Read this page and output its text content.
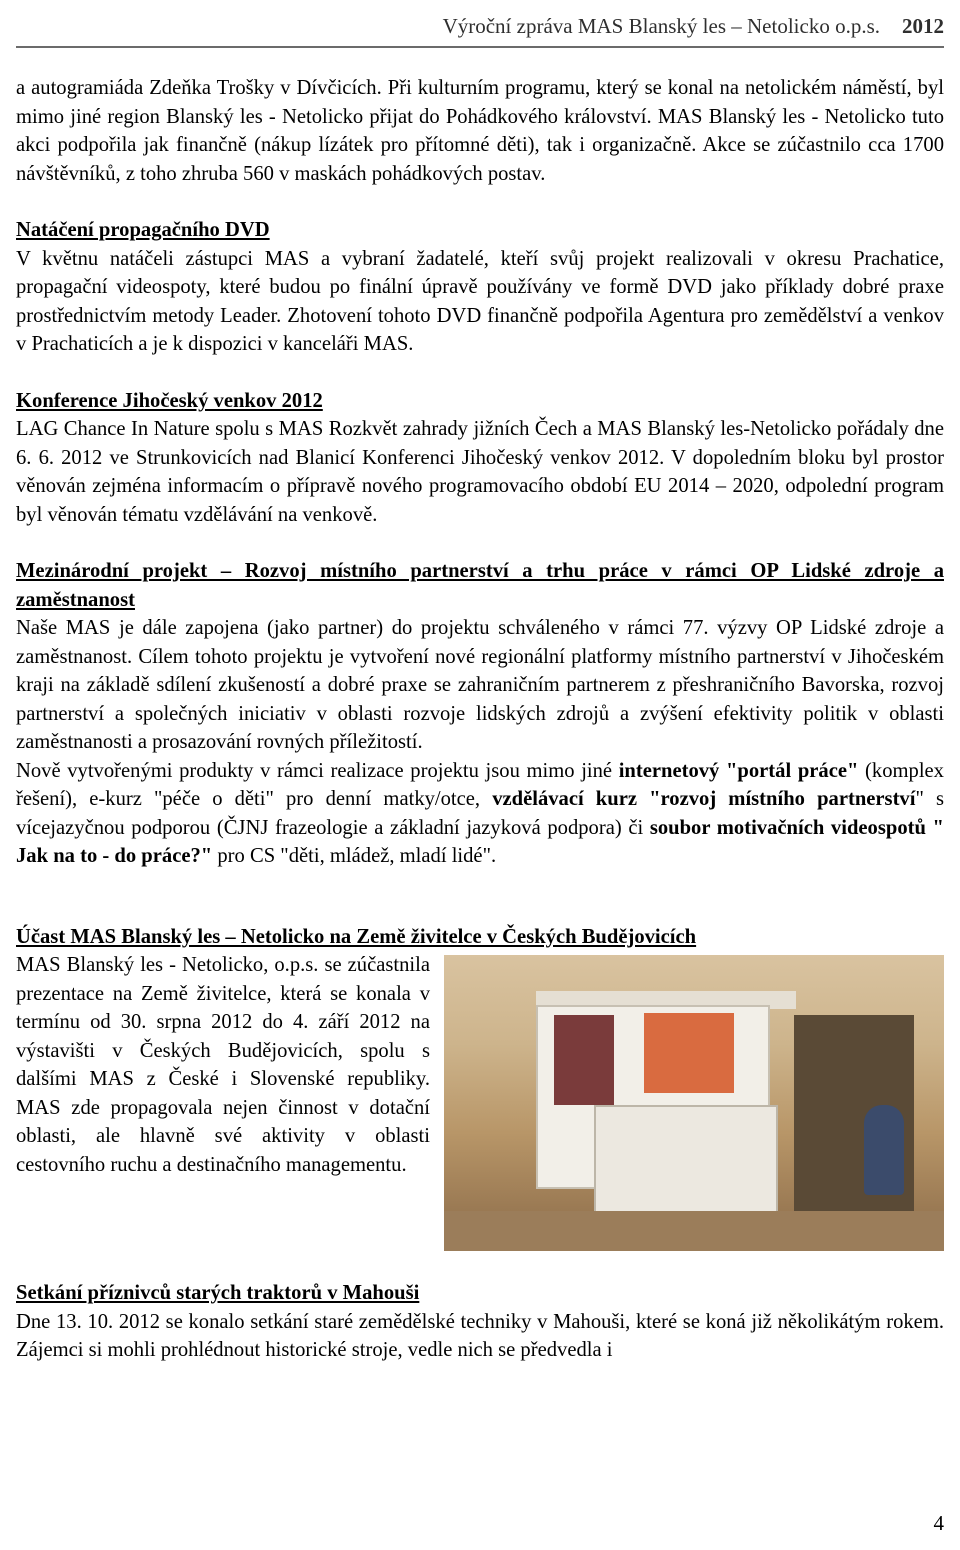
Výroční zpráva MAS Blanský les – Netolicko o.p.s. 2012

a autogramiáda Zdeňka Trošky v Dívčicích. Při kulturním programu, který se konal na netolickém náměstí, byl mimo jiné region Blanský les - Netolicko přijat do Pohádkového království. MAS Blanský les - Netolicko tuto akci podpořila jak finančně (nákup lízátek pro přítomné děti), tak i organizačně. Akce se zúčastnilo cca 1700 návštěvníků, z toho zhruba 560 v maskách pohádkových postav.

Natáčení propagačního DVD

V květnu natáčeli zástupci MAS a vybraní žadatelé, kteří svůj projekt realizovali v okresu Prachatice, propagační videospoty, které budou po finální úpravě používány ve formě DVD jako příklady dobré praxe prostřednictvím metody Leader. Zhotovení tohoto DVD finančně podpořila Agentura pro zemědělství a venkov v Prachaticích a je k dispozici v kanceláři MAS.

Konference Jihočeský venkov 2012

LAG Chance In Nature spolu s MAS Rozkvět zahrady jižních Čech a MAS Blanský les-Netolicko pořádaly dne 6. 6. 2012 ve Strunkovicích nad Blanicí Konferenci Jihočeský venkov 2012. V dopoledním bloku byl prostor věnován zejména informacím o přípravě nového programovacího období EU 2014 – 2020, odpolední program byl věnován tématu vzdělávání na venkově.

Mezinárodní projekt – Rozvoj místního partnerství a trhu práce v rámci OP Lidské zdroje a zaměstnanost

Naše MAS je dále zapojena (jako partner) do projektu schváleného v rámci 77. výzvy OP Lidské zdroje a zaměstnanost. Cílem tohoto projektu je vytvoření nové regionální platformy místního partnerství v Jihočeském kraji na základě sdílení zkušeností a dobré praxe se zahraničním partnerem z přeshraničního Bavorska, rozvoj partnerství a společných iniciativ v oblasti rozvoje lidských zdrojů a zvýšení efektivity politik v oblasti zaměstnanosti a prosazování rovných příležitostí.

Nově vytvořenými produkty v rámci realizace projektu jsou mimo jiné internetový "portál práce" (komplex řešení), e-kurz "péče o děti" pro denní matky/otce, vzdělávací kurz "rozvoj místního partnerství" s vícejazyčnou podporou (ČJNJ frazeologie a základní jazyková podpora) či soubor motivačních videospotů " Jak na to - do práce?" pro CS "děti, mládež, mladí lidé".

Účast MAS Blanský les – Netolicko na Země živitelce v Českých Budějovicích

MAS Blanský les - Netolicko, o.p.s. se zúčastnila prezentace na Země živitelce, která se konala v termínu od 30. srpna 2012 do 4. září 2012 na výstavišti v Českých Budějovicích, spolu s dalšími MAS z České i Slovenské republiky. MAS zde propagovala nejen činnost v dotační oblasti, ale hlavně své aktivity v oblasti cestovního ruchu a destinačního managementu.

Setkání příznivců starých traktorů v Mahouši

Dne 13. 10. 2012 se konalo setkání staré zemědělské techniky v Mahouši, které se koná již několikátým rokem. Zájemci si mohli prohlédnout historické stroje, vedle nich se předvedla i

4
